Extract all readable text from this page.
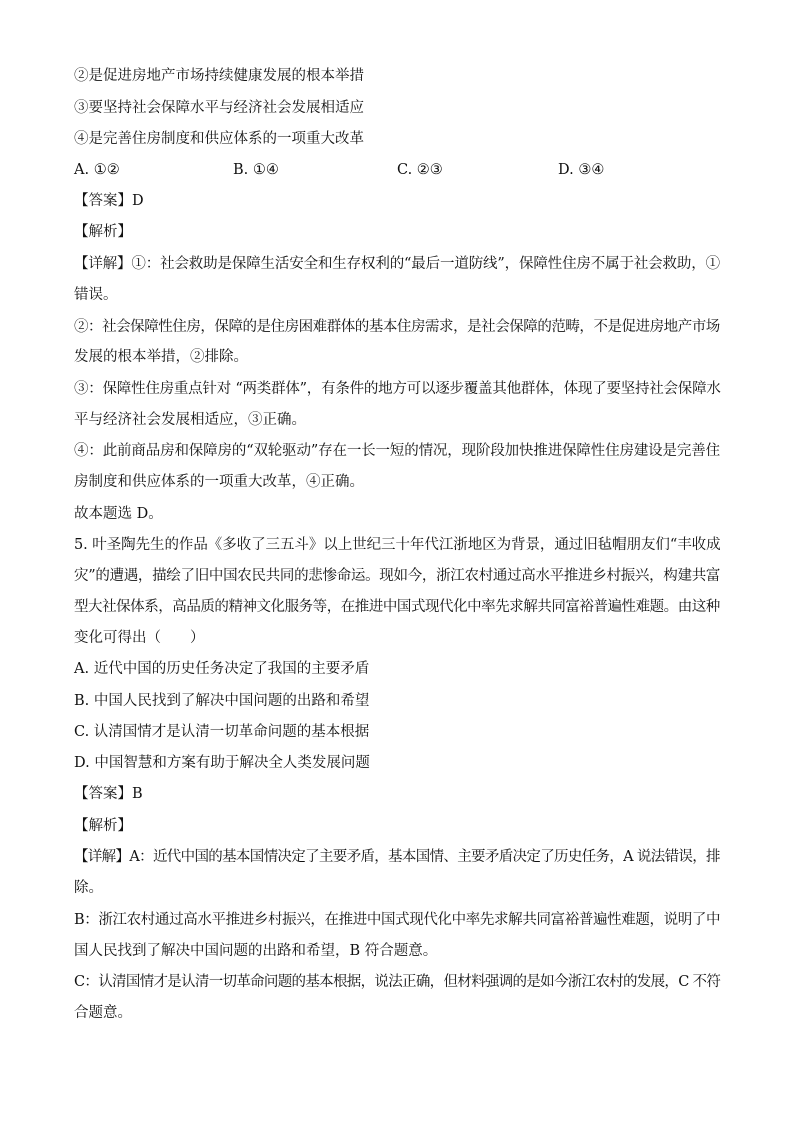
②是促进房地产市场持续健康发展的根本举措
③要坚持社会保障水平与经济社会发展相适应
④是完善住房制度和供应体系的一项重大改革
A. ①②	B. ①④	C. ②③	D. ③④
【答案】D
【解析】
【详解】①：社会救助是保障生活安全和生存权利的“最后一道防线”，保障性住房不属于社会救助，①
错误。
②：社会保障性住房，保障的是住房困难群体的基本住房需求，是社会保障的范畴，不是促进房地产市场
发展的根本举措，②排除。
③：保障性住房重点针对 “两类群体”，有条件的地方可以逐步覆盖其他群体，体现了要坚持社会保障水
平与经济社会发展相适应，③正确。
④：此前商品房和保障房的“双轮驱动”存在一长一短的情况，现阶段加快推进保障性住房建设是完善住
房制度和供应体系的一项重大改革，④正确。
故本题选 D。
5. 叶圣陶先生的作品《多收了三五斗》以上世纪三十年代江浙地区为背景，通过旧毡帽朋友们“丰收成
灾”的遭遇，描绘了旧中国农民共同的悲惨命运。现如今，浙江农村通过高水平推进乡村振兴，构建共富
型大社保体系，高品质的精神文化服务等，在推进中国式现代化中率先求解共同富裕普遍性难题。由这种
变化可得出（　　）
A. 近代中国的历史任务决定了我国的主要矛盾
B. 中国人民找到了解决中国问题的出路和希望
C. 认清国情才是认清一切革命问题的基本根据
D. 中国智慧和方案有助于解决全人类发展问题
【答案】B
【解析】
【详解】A：近代中国的基本国情决定了主要矛盾，基本国情、主要矛盾决定了历史任务，A 说法错误，排
除。
B：浙江农村通过高水平推进乡村振兴，在推进中国式现代化中率先求解共同富裕普遍性难题，说明了中
国人民找到了解决中国问题的出路和希望，B 符合题意。
C：认清国情才是认清一切革命问题的基本根据，说法正确，但材料强调的是如今浙江农村的发展，C 不符
合题意。
